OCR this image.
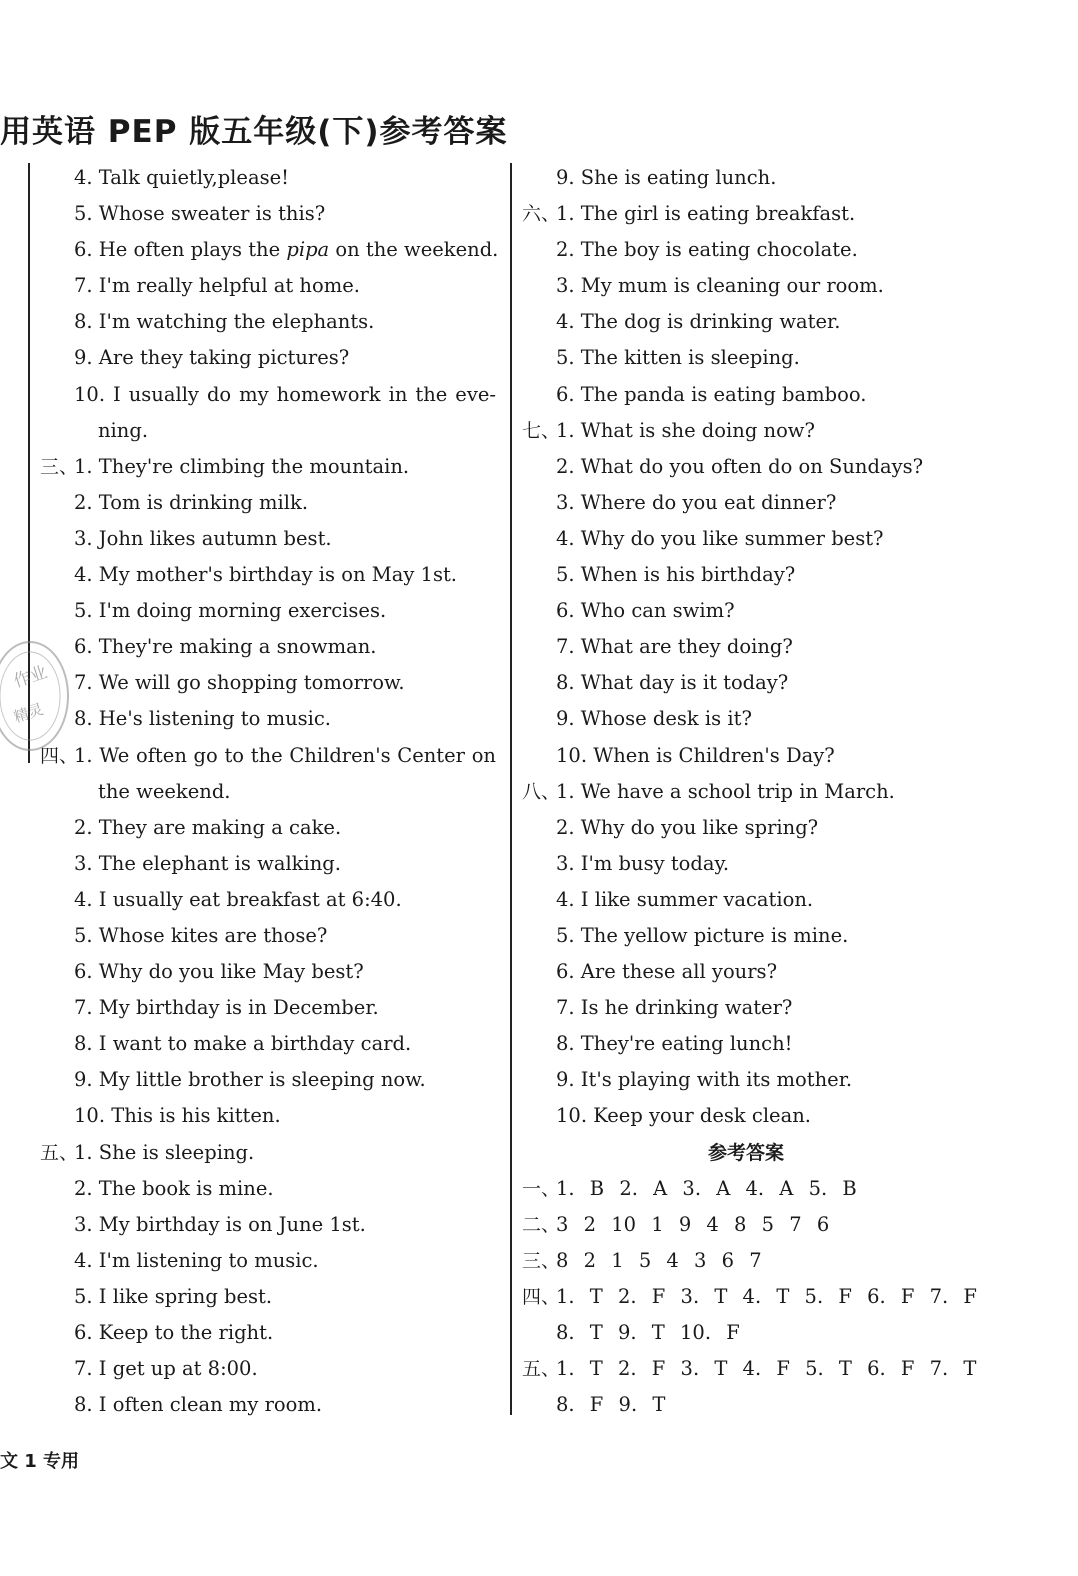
用英语 PEP 版五年级(下)参考答案
4. Talk quietly,please!
5. Whose sweater is this?
6. He often plays the pipa on the weekend.
7. I'm really helpful at home.
8. I'm watching the elephants.
9. Are they taking pictures?
10. I usually do my homework in the eve-
ning.
三、
1. They're climbing the mountain.
2. Tom is drinking milk.
3. John likes autumn best.
4. My mother's birthday is on May 1st.
5. I'm doing morning exercises.
6. They're making a snowman.
7. We will go shopping tomorrow.
8. He's listening to music.
四、
1. We often go to the Children's Center on
the weekend.
2. They are making a cake.
3. The elephant is walking.
4. I usually eat breakfast at 6:40.
5. Whose kites are those?
6. Why do you like May best?
7. My birthday is in December.
8. I want to make a birthday card.
9. My little brother is sleeping now.
10. This is his kitten.
五、
1. She is sleeping.
2. The book is mine.
3. My birthday is on June 1st.
4. I'm listening to music.
5. I like spring best.
6. Keep to the right.
7. I get up at 8:00.
8. I often clean my room.
9. She is eating lunch.
六、
1. The girl is eating breakfast.
2. The boy is eating chocolate.
3. My mum is cleaning our room.
4. The dog is drinking water.
5. The kitten is sleeping.
6. The panda is eating bamboo.
七、
1. What is she doing now?
2. What do you often do on Sundays?
3. Where do you eat dinner?
4. Why do you like summer best?
5. When is his birthday?
6. Who can swim?
7. What are they doing?
8. What day is it today?
9. Whose desk is it?
10. When is Children's Day?
八、
1. We have a school trip in March.
2. Why do you like spring?
3. I'm busy today.
4. I like summer vacation.
5. The yellow picture is mine.
6. Are these all yours?
7. Is he drinking water?
8. They're eating lunch!
9. It's playing with its mother.
10. Keep your desk clean.
参考答案
一、
1. B 2. A 3. A 4. A 5. B
二、
3 2 10 1 9 4 8 5 7 6
三、
8 2 1 5 4 3 6 7
四、
1. T 2. F 3. T 4. T 5. F 6. F 7. F
8. T 9. T 10. F
五、
1. T 2. F 3. T 4. F 5. T 6. F 7. T
8. F 9. T
作业
精灵
文 1 专用
